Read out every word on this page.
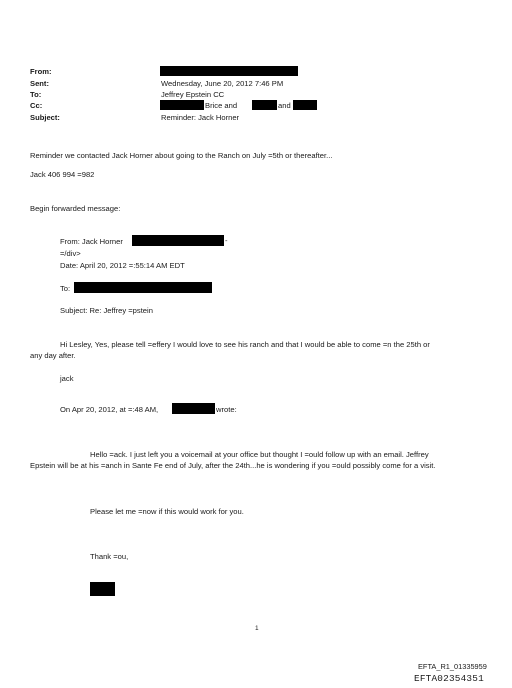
From:
Sent:	Wednesday, June 20, 2012 7:46 PM
To:	Jeffrey Epstein CC
Cc:	Brice and	and
Subject:	Reminder: Jack Horner
Reminder we contacted Jack Horner about going to the Ranch on July =5th or thereafter...
Jack 406 994 =982
Begin forwarded message:
From: Jack Horner	-
=/div>
Date: April 20, 2012 =:55:14 AM EDT
To:
Subject: Re: Jeffrey =pstein
Hi Lesley, Yes, please tell =effery I would love to see his ranch and that I would be able to come =n the 25th or
any day after.
jack
On Apr 20, 2012, at =:48 AM,	wrote:
Hello =ack. I just left you a voicemail at your office but thought I =ould follow up with an email. Jeffrey
Epstein will be at his =anch in Sante Fe end of July, after the 24th...he is wondering if you =ould possibly come for a visit.
Please let me =now if this would work for you.
Thank =ou,
1
EFTA_R1_01335959
EFTA02354351
